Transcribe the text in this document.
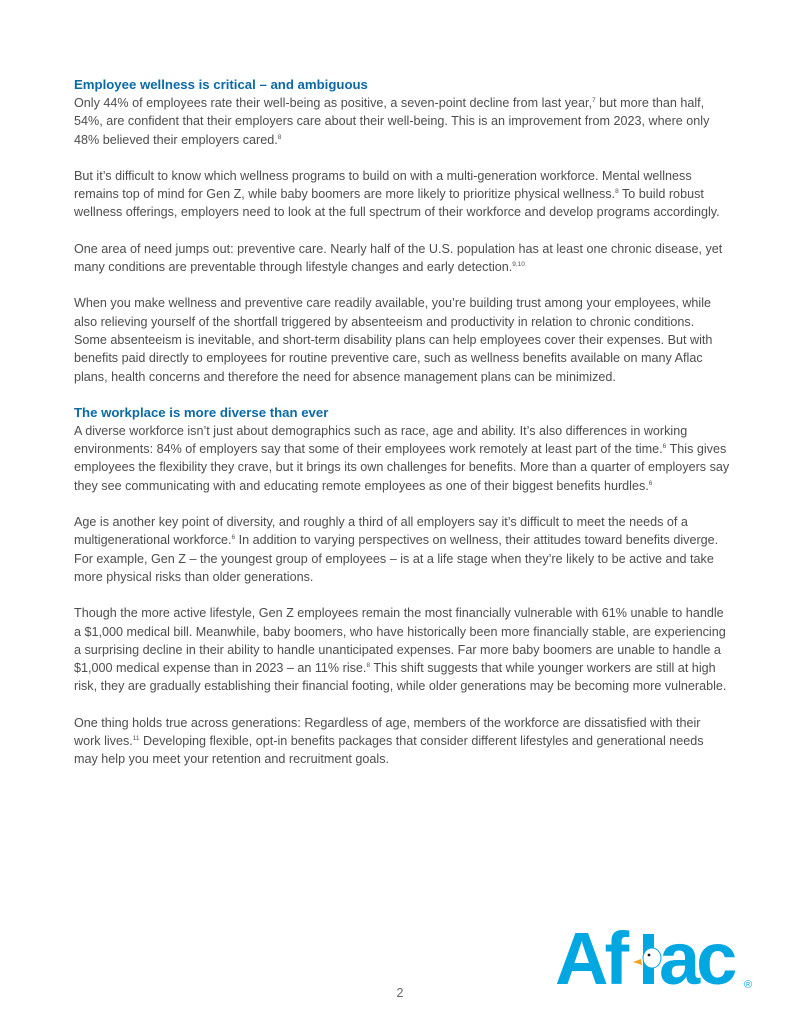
Employee wellness is critical – and ambiguous

Only 44% of employees rate their well-being as positive, a seven-point decline from last year,$^7$ but more than half, 54%, are confident that their employers care about their well-being. This is an improvement from 2023, where only 48% believed their employers cared.$^8$

But it’s difficult to know which wellness programs to build on with a multi-generation workforce. Mental wellness remains top of mind for Gen Z, while baby boomers are more likely to prioritize physical wellness.$^8$ To build robust wellness offerings, employers need to look at the full spectrum of their workforce and develop programs accordingly.

One area of need jumps out: preventive care. Nearly half of the U.S. population has at least one chronic disease, yet many conditions are preventable through lifestyle changes and early detection.$^{9,10}$

When you make wellness and preventive care readily available, you’re building trust among your employees, while also relieving yourself of the shortfall triggered by absenteeism and productivity in relation to chronic conditions. Some absenteeism is inevitable, and short-term disability plans can help employees cover their expenses. But with benefits paid directly to employees for routine preventive care, such as wellness benefits available on many Aflac plans, health concerns and therefore the need for absence management plans can be minimized.

The workplace is more diverse than ever

A diverse workforce isn’t just about demographics such as race, age and ability. It’s also differences in working environments: 84% of employers say that some of their employees work remotely at least part of the time.$^6$ This gives employees the flexibility they crave, but it brings its own challenges for benefits. More than a quarter of employers say they see communicating with and educating remote employees as one of their biggest benefits hurdles.$^6$

Age is another key point of diversity, and roughly a third of all employers say it’s difficult to meet the needs of a multigenerational workforce.$^6$ In addition to varying perspectives on wellness, their attitudes toward benefits diverge. For example, Gen Z – the youngest group of employees – is at a life stage when they’re likely to be active and take more physical risks than older generations.

Though the more active lifestyle, Gen Z employees remain the most financially vulnerable with 61% unable to handle a $1,000 medical bill. Meanwhile, baby boomers, who have historically been more financially stable, are experiencing a surprising decline in their ability to handle unanticipated expenses. Far more baby boomers are unable to handle a $1,000 medical expense than in 2023 – an 11% rise.$^8$ This shift suggests that while younger workers are still at high risk, they are gradually establishing their financial footing, while older generations may be becoming more vulnerable.

One thing holds true across generations: Regardless of age, members of the workforce are dissatisfied with their work lives.$^{11}$ Developing flexible, opt-in benefits packages that consider different lifestyles and generational needs may help you meet your retention and recruitment goals.

Af ac ®
2
